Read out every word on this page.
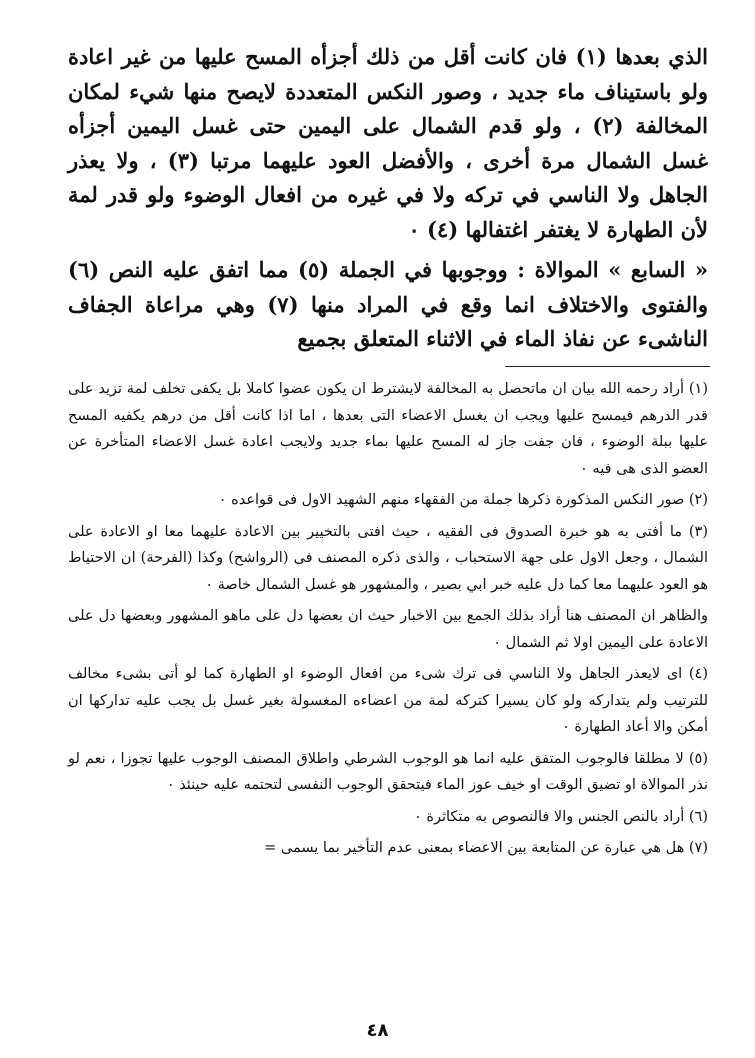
الذي بعدها (١) فان كانت أقل من ذلك أجزأه المسح عليها من غير اعادة ولو باستيناف ماء جديد ، وصور النكس المتعددة لايصح منها شيء لمكان المخالفة (٢) ، ولو قدم الشمال على اليمين حتى غسل اليمين أجزأه غسل الشمال مرة أخرى ، والأفضل العود عليهما مرتبا (٣) ، ولا يعذر الجاهل ولا الناسي في تركه ولا في غيره من افعال الوضوء ولو قدر لمة لأن الطهارة لا يغتفر اغتفالها (٤) ٠

« السابع » الموالاة : ووجوبها في الجملة (٥) مما اتفق عليه النص (٦) والفتوى والاختلاف انما وقع في المراد منها (٧) وهي مراعاة الجفاف الناشىء عن نفاذ الماء في الاثناء المتعلق بجميع

(١) أراد رحمه الله بيان ان ماتحصل به المخالفة لايشترط ان يكون عضوا كاملا بل يكفى تخلف لمة تزيد على قدر الدرهم فيمسح عليها ويجب ان يغسل الاعضاء التى بعدها ، اما اذا كانت أقل من درهم يكفيه المسح عليها ببلة الوضوء ، فان جفت جاز له المسح عليها بماء جديد ولايجب اعادة غسل الاعضاء المتأخرة عن العضو الذى هى فيه ٠

(٢) صور النكس المذكورة ذكرها جملة من الفقهاء منهم الشهيد الاول فى قواعده ٠

(٣) ما أفتى به هو خبرة الصدوق فى الفقيه ، حيث افتى بالتخيير بين الاعادة عليهما معا او الاعادة على الشمال ، وجعل الاول على جهة الاستحباب ، والذى ذكره المصنف فى (الرواشح) وكذا (الفرحة) ان الاحتياط هو العود عليهما معا كما دل عليه خبر ابي بصير ، والمشهور هو غسل الشمال خاصة ٠

والظاهر ان المصنف هنا أراد بذلك الجمع بين الاخبار حيث ان بعضها دل على ماهو المشهور وبعضها دل على الاعادة على اليمين اولا ثم الشمال ٠

(٤) اى لايعذر الجاهل ولا الناسي فى ترك شىء من افعال الوضوء او الطهارة كما لو أتى بشىء مخالف للترتيب ولم يتداركه ولو كان يسيرا كتركه لمة من اعضاءه المغسولة بغير غسل بل يجب عليه تداركها ان أمكن والا أعاد الطهارة ٠

(٥) لا مطلقا فالوجوب المتفق عليه انما هو الوجوب الشرطي واطلاق المصنف الوجوب عليها تجوزا ، نعم لو نذر الموالاة او تضيق الوقت او خيف عوز الماء فيتحقق الوجوب النفسى لتحتمه عليه حينئذ ٠

(٦) أراد بالنص الجنس والا فالنصوص به متكاثرة ٠

(٧) هل هي عبارة عن المتابعة بين الاعضاء بمعنى عدم التأخير بما يسمى =

٤٨
